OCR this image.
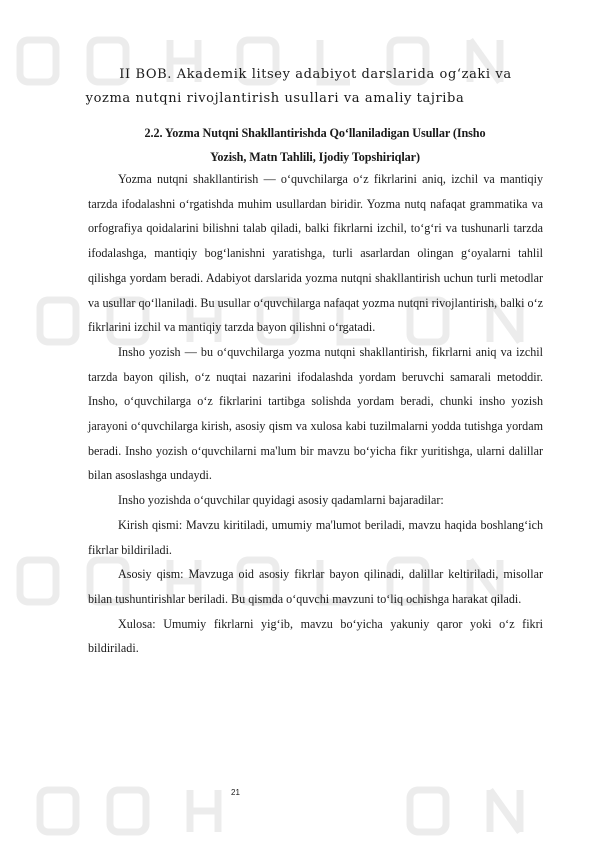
II BOB. Akademik litsey adabiyot darslarida og‘zaki va
yozma nutqni rivojlantirish usullari va amaliy tajriba
2.2. Yozma Nutqni Shakllantirishda Qo‘llaniladigan Usullar (Insho
Yozish, Matn Tahlili, Ijodiy Topshiriqlar)

Yozma nutqni shakllantirish — o‘quvchilarga o‘z fikrlarini aniq, izchil va mantiqiy tarzda ifodalashni o‘rgatishda muhim usullardan biridir. Yozma nutq nafaqat grammatika va orfografiya qoidalarini bilishni talab qiladi, balki fikrlarni izchil, to‘g‘ri va tushunarli tarzda ifodalashga, mantiqiy bog‘lanishni yaratishga, turli asarlardan olingan g‘oyalarni tahlil qilishga yordam beradi. Adabiyot darslarida yozma nutqni shakllantirish uchun turli metodlar va usullar qo‘llaniladi. Bu usullar o‘quvchilarga nafaqat yozma nutqni rivojlantirish, balki o‘z fikrlarini izchil va mantiqiy tarzda bayon qilishni o‘rgatadi.

Insho yozish — bu o‘quvchilarga yozma nutqni shakllantirish, fikrlarni aniq va izchil tarzda bayon qilish, o‘z nuqtai nazarini ifodalashda yordam beruvchi samarali metoddir. Insho, o‘quvchilarga o‘z fikrlarini tartibga solishda yordam beradi, chunki insho yozish jarayoni o‘quvchilarga kirish, asosiy qism va xulosa kabi tuzilmalarni yodda tutishga yordam beradi. Insho yozish o‘quvchilarni ma'lum bir mavzu bo‘yicha fikr yuritishga, ularni dalillar bilan asoslashga undaydi.

Insho yozishda o‘quvchilar quyidagi asosiy qadamlarni bajaradilar:

Kirish qismi: Mavzu kiritiladi, umumiy ma'lumot beriladi, mavzu haqida boshlang‘ich fikrlar bildiriladi.

Asosiy qism: Mavzuga oid asosiy fikrlar bayon qilinadi, dalillar keltiriladi, misollar bilan tushuntirishlar beriladi. Bu qismda o‘quvchi mavzuni to‘liq ochishga harakat qiladi.

Xulosa: Umumiy fikrlarni yig‘ib, mavzu bo‘yicha yakuniy qaror yoki o‘z fikri bildiriladi.

21
